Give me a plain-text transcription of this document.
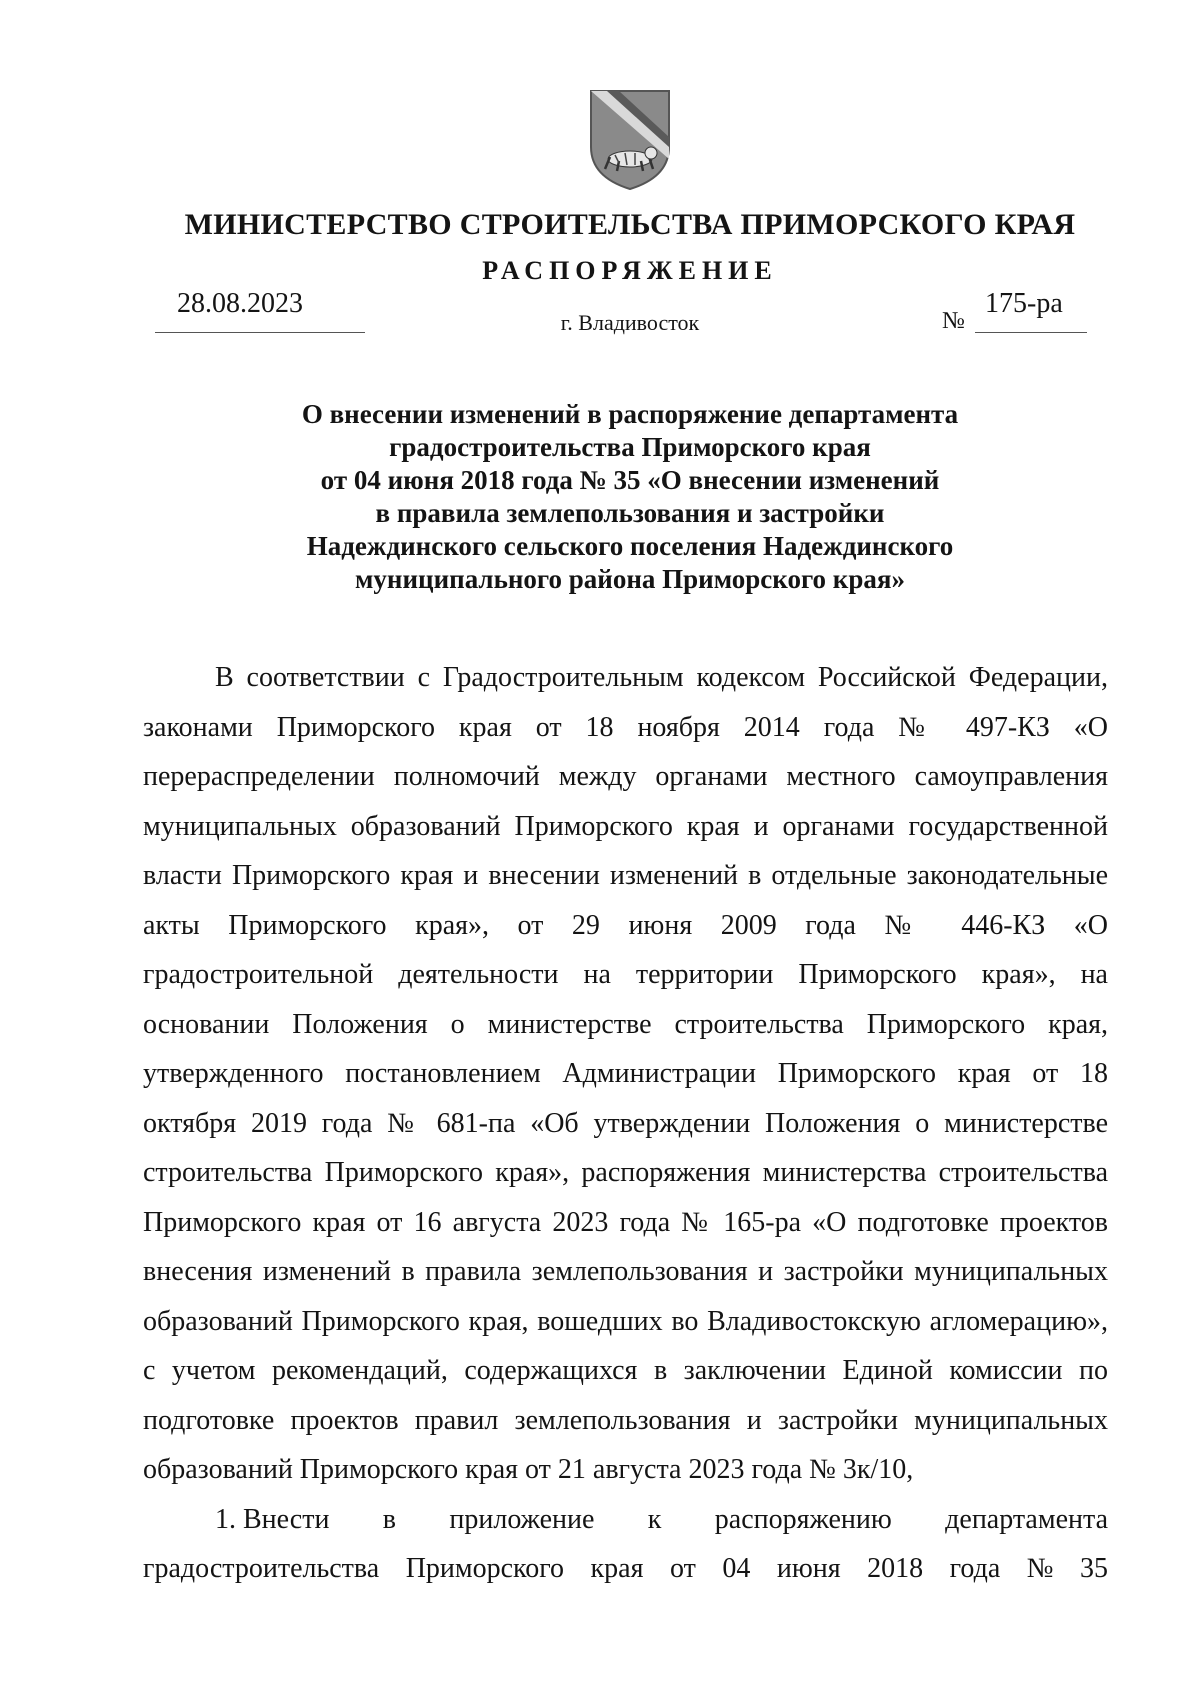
МИНИСТЕРСТВО СТРОИТЕЛЬСТВА ПРИМОРСКОГО КРАЯ
РАСПОРЯЖЕНИЕ
28.08.2023
г. Владивосток	№
175-ра
О внесении изменений в распоряжение департамента
градостроительства Приморского края
от 04 июня 2018 года № 35 «О внесении изменений
в правила землепользования и застройки
Надеждинского сельского поселения Надеждинского
муниципального района Приморского края»

В соответствии с Градостроительным кодексом Российской Федерации, законами Приморского края от 18 ноября 2014 года № 497-КЗ «О перераспределении полномочий между органами местного самоуправления муниципальных образований Приморского края и органами государственной власти Приморского края и внесении изменений в отдельные законодательные акты Приморского края», от 29 июня 2009 года № 446-КЗ «О градостроительной деятельности на территории Приморского края», на основании Положения о министерстве строительства Приморского края, утвержденного постановлением Администрации Приморского края от 18 октября 2019 года № 681-па «Об утверждении Положения о министерстве строительства Приморского края», распоряжения министерства строительства Приморского края от 16 августа 2023 года № 165-ра «О подготовке проектов внесения изменений в правила землепользования и застройки муниципальных образований Приморского края, вошедших во Владивостокскую агломерацию», с учетом рекомендаций, содержащихся в заключении Единой комиссии по подготовке проектов правил землепользования и застройки муниципальных образований Приморского края от 21 августа 2023 года № 3к/10,

1. Внести в приложение к распоряжению департамента
градостроительства Приморского края от 04 июня 2018 года № 35
